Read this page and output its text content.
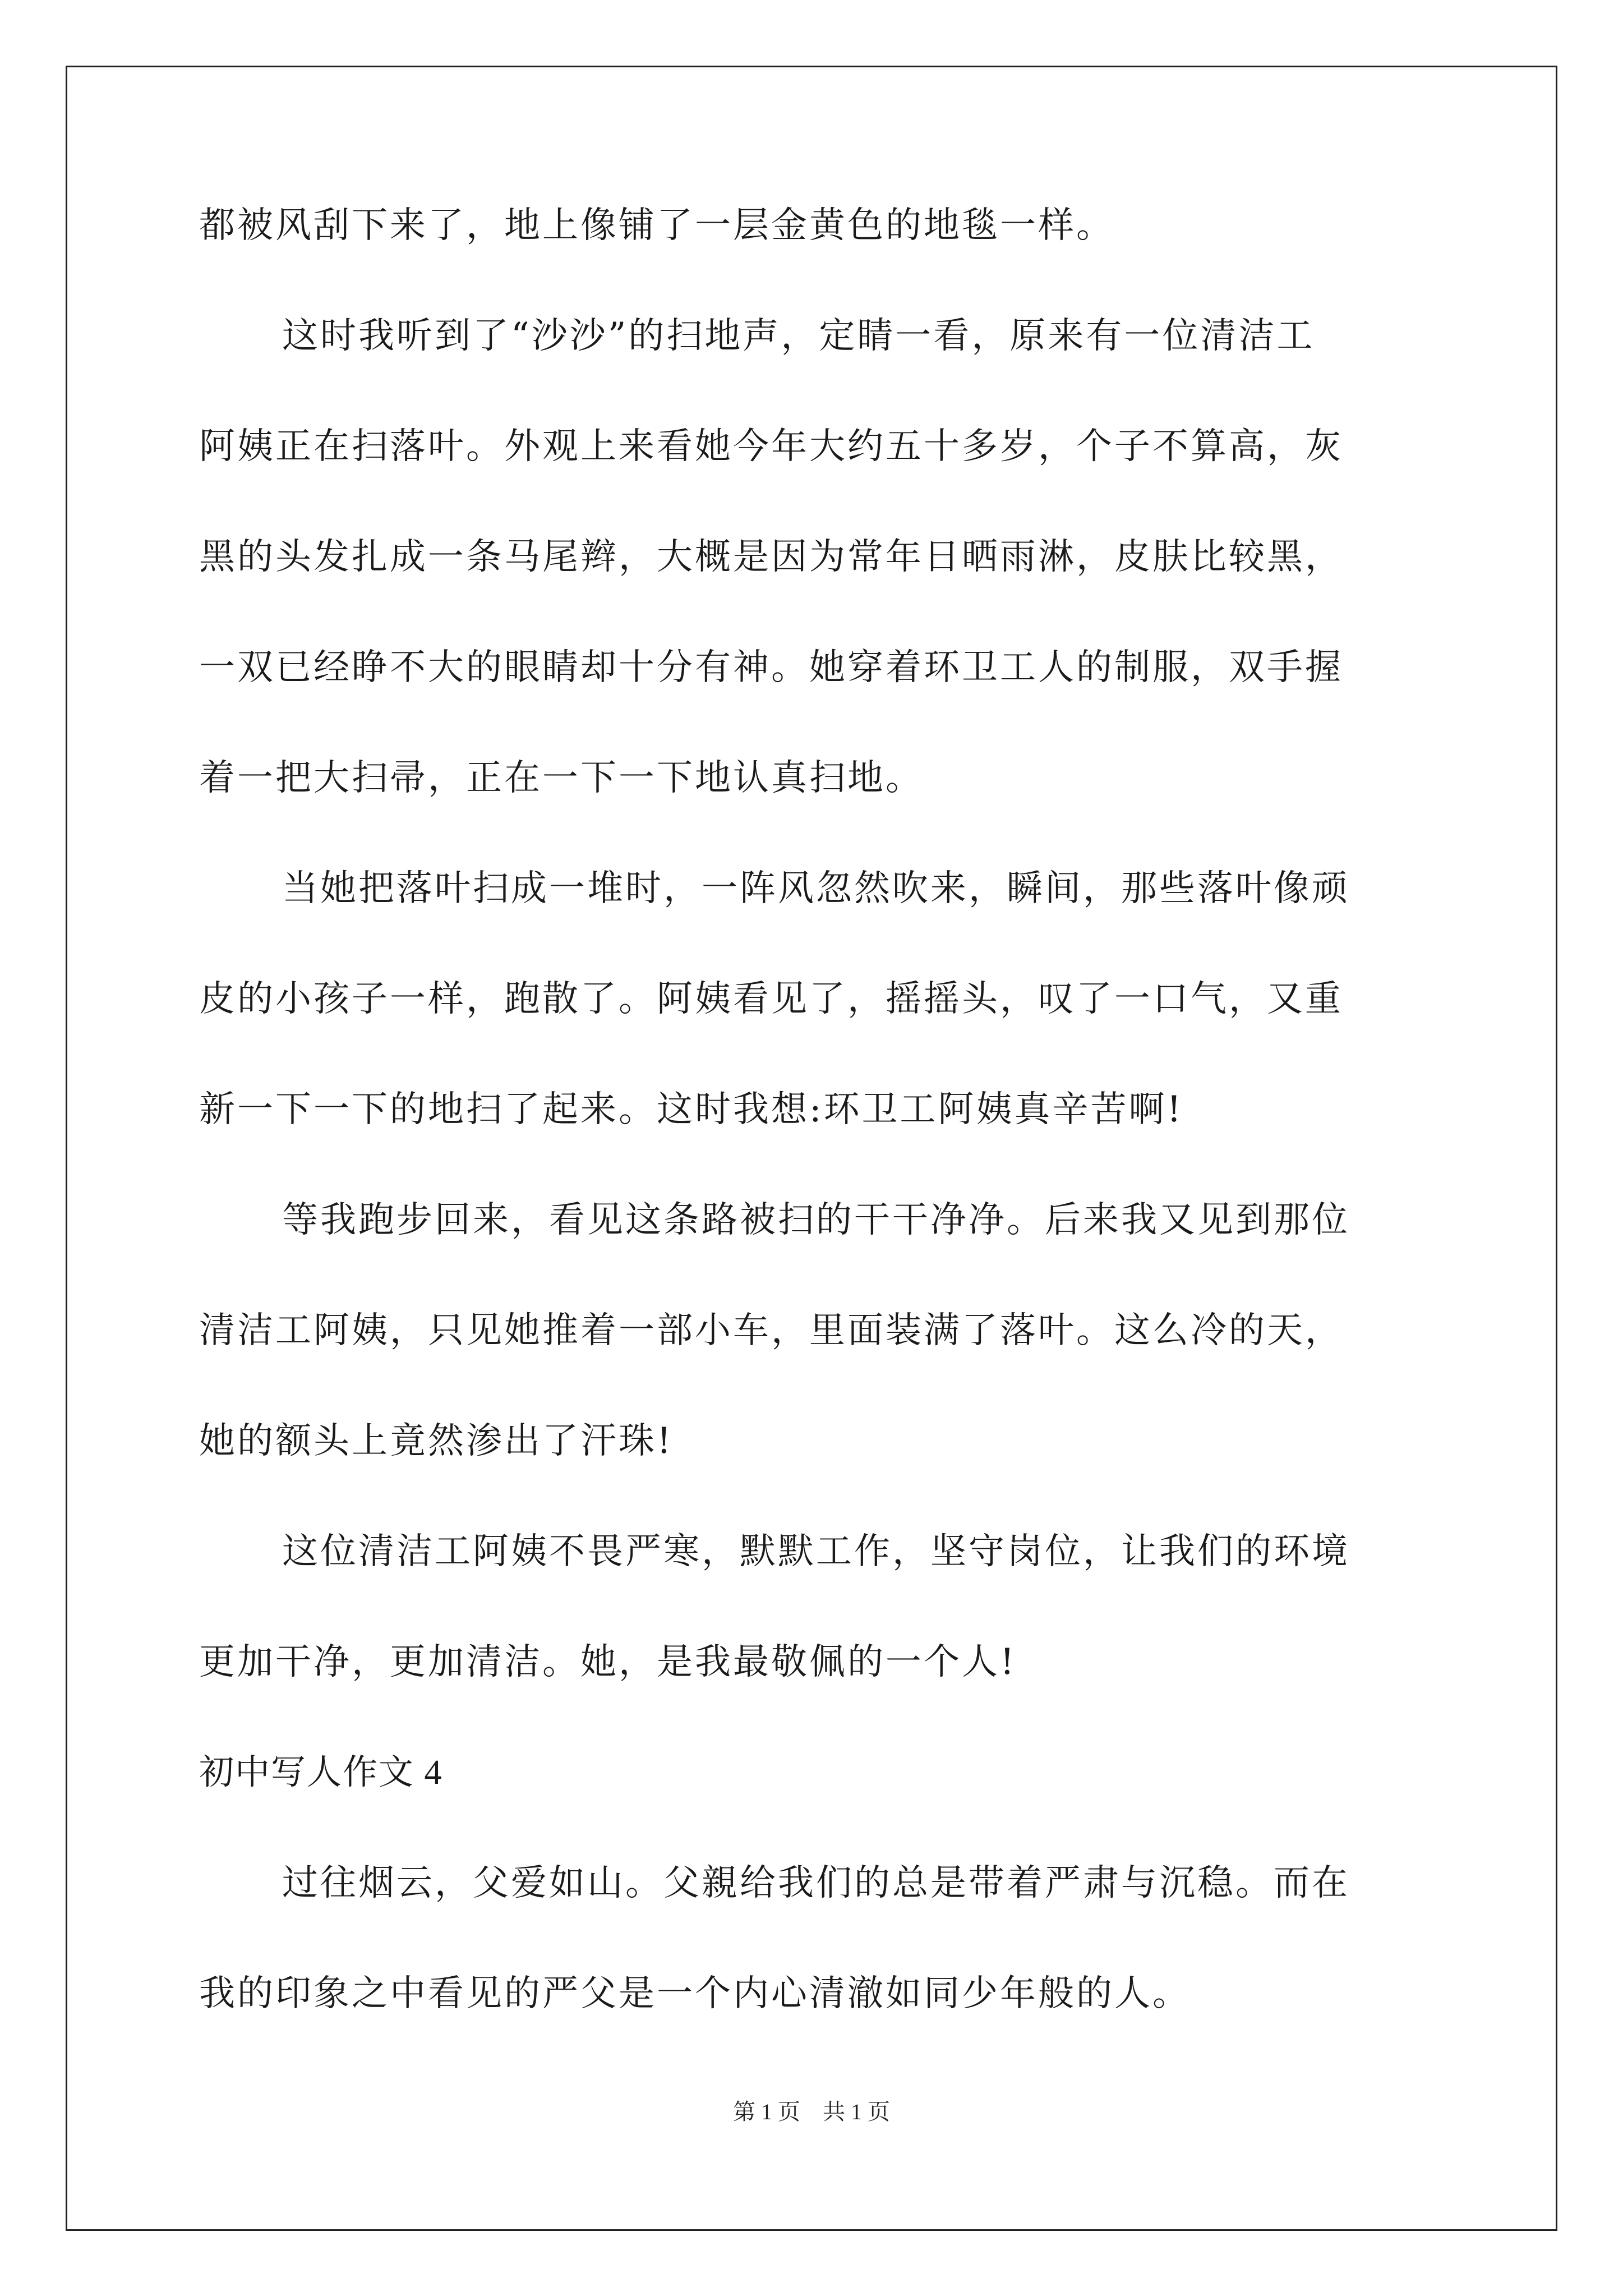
都被风刮下来了，地上像铺了一层金黄色的地毯一样。
这时我听到了“沙沙”的扫地声，定睛一看，原来有一位清洁工
阿姨正在扫落叶。外观上来看她今年大约五十多岁，个子不算高，灰
黑的头发扎成一条马尾辫，大概是因为常年日晒雨淋，皮肤比较黑，
一双已经睁不大的眼睛却十分有神。她穿着环卫工人的制服，双手握
着一把大扫帚，正在一下一下地认真扫地。
当她把落叶扫成一堆时，一阵风忽然吹来，瞬间，那些落叶像顽
皮的小孩子一样，跑散了。阿姨看见了，摇摇头，叹了一口气，又重
新一下一下的地扫了起来。这时我想:环卫工阿姨真辛苦啊!
等我跑步回来，看见这条路被扫的干干净净。后来我又见到那位
清洁工阿姨，只见她推着一部小车，里面装满了落叶。这么冷的天，
她的额头上竟然渗出了汗珠!
这位清洁工阿姨不畏严寒，默默工作，坚守岗位，让我们的环境
更加干净，更加清洁。她，是我最敬佩的一个人!
初中写人作文 4
过往烟云，父爱如山。父親给我们的总是带着严肃与沉稳。而在
我的印象之中看见的严父是一个内心清澈如同少年般的人。
第 1 页    共 1 页
